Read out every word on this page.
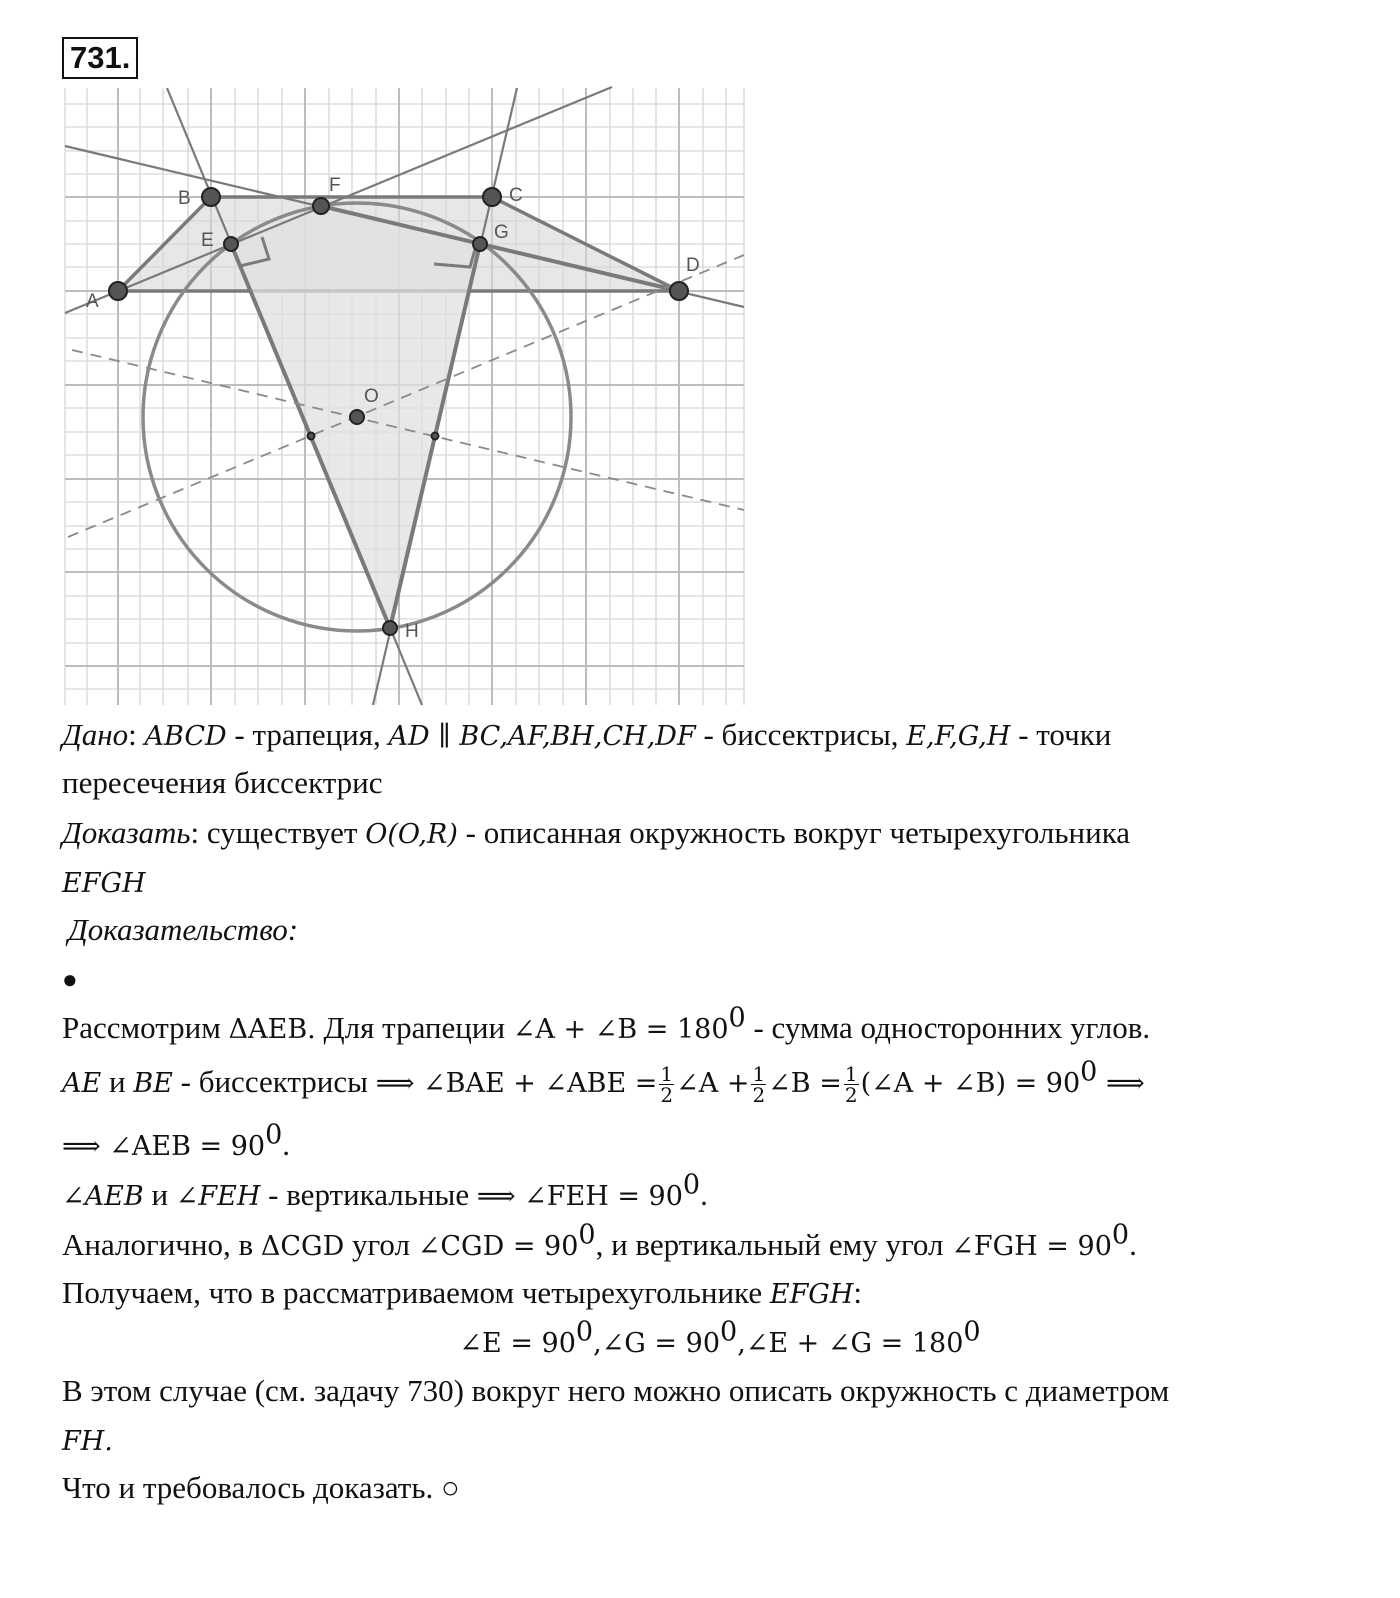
731.
A
B	C
D
E
F
G
H
O
Дано: ABCD - трапеция, AD ∥ BC,AF,BH,CH,DF - биссектрисы, E,F,G,H - точки
пересечения биссектрис
Доказать: существует O(O,R) - описанная окружность вокруг четырехугольника
EFGH
Доказательство:
●
Рассмотрим ΔAEB. Для трапеции ∠A + ∠B = $180^0$ - сумма односторонних углов.
AE и BE - биссектрисы ⟹ ∠BAE + ∠ABE = $\frac{1}{2}$ ∠A + $\frac{1}{2}$ ∠B = $\frac{1}{2}$ (∠A + ∠B) = $90^0$ ⟹
⟹ ∠AEB = $90^0$.
∠AEB и ∠FEH - вертикальные ⟹ ∠FEH = $90^0$.
Аналогично, в ΔCGD угол ∠CGD = $90^0$, и вертикальный ему угол ∠FGH = $90^0$.
Получаем, что в рассматриваемом четырехугольнике EFGH:
∠E = $90^0,\angle G$ = $90^0,\angle E$ + ∠G = $180^0$
В этом случае (см. задачу 730) вокруг него можно описать окружность с диаметром
FH.
Что и требовалось доказать. ○
